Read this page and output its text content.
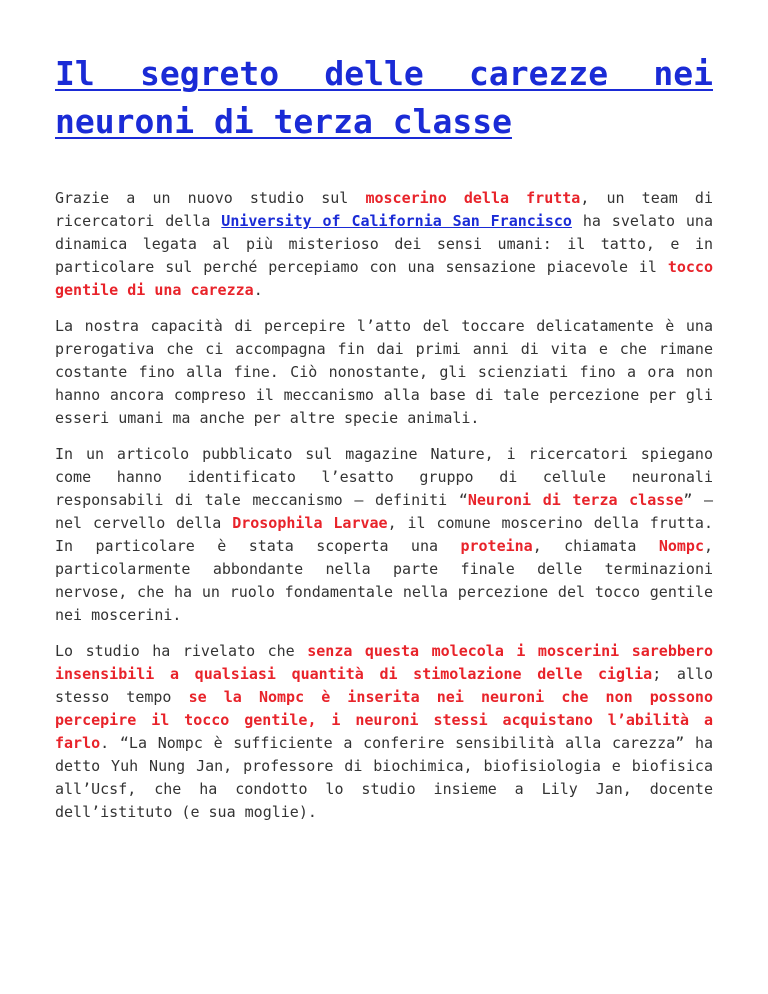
Il segreto delle carezze nei neuroni di terza classe

Grazie a un nuovo studio sul moscerino della frutta, un team di ricercatori della University of California San Francisco ha svelato una dinamica legata al più misterioso dei sensi umani: il tatto, e in particolare sul perché percepiamo con una sensazione piacevole il tocco gentile di una carezza.

La nostra capacità di percepire l’atto del toccare delicatamente è una prerogativa che ci accompagna fin dai primi anni di vita e che rimane costante fino alla fine. Ciò nonostante, gli scienziati fino a ora non hanno ancora compreso il meccanismo alla base di tale percezione per gli esseri umani ma anche per altre specie animali.

In un articolo pubblicato sul magazine Nature, i ricercatori spiegano come hanno identificato l’esatto gruppo di cellule neuronali responsabili di tale meccanismo – definiti “Neuroni di terza classe” – nel cervello della Drosophila Larvae, il comune moscerino della frutta. In particolare è stata scoperta una proteina, chiamata Nompc, particolarmente abbondante nella parte finale delle terminazioni nervose, che ha un ruolo fondamentale nella percezione del tocco gentile nei moscerini.

Lo studio ha rivelato che senza questa molecola i moscerini sarebbero insensibili a qualsiasi quantità di stimolazione delle ciglia; allo stesso tempo se la Nompc è inserita nei neuroni che non possono percepire il tocco gentile, i neuroni stessi acquistano l’abilità a farlo. “La Nompc è sufficiente a conferire sensibilità alla carezza” ha detto Yuh Nung Jan, professore di biochimica, biofisiologia e biofisica all’Ucsf, che ha condotto lo studio insieme a Lily Jan, docente dell’istituto (e sua moglie).
